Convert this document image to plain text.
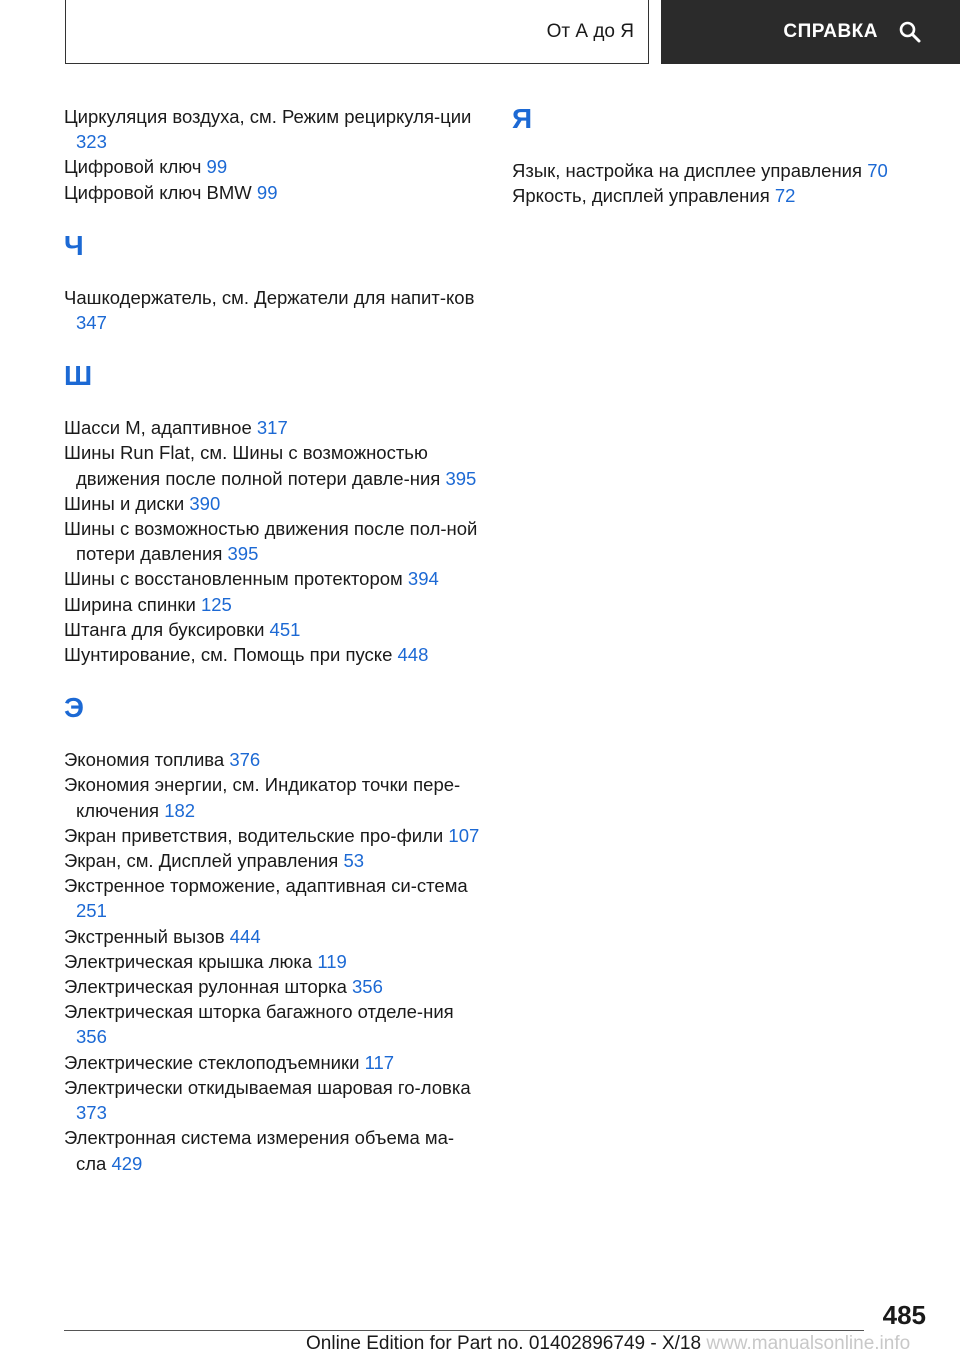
От А до Я	СПРАВКА
Циркуляция воздуха, см. Режим рециркуля-ции 323
Цифровой ключ 99
Цифровой ключ BMW 99
Ч
Чашкодержатель, см. Держатели для напит-ков 347
Ш
Шасси M, адаптивное 317
Шины Run Flat, см. Шины с возможностью движения после полной потери давле-ния 395
Шины и диски 390
Шины с возможностью движения после пол-ной потери давления 395
Шины с восстановленным протектором 394
Ширина спинки 125
Штанга для буксировки 451
Шунтирование, см. Помощь при пуске 448
Э
Экономия топлива 376
Экономия энергии, см. Индикатор точки пере-ключения 182
Экран приветствия, водительские про-фили 107
Экран, см. Дисплей управления 53
Экстренное торможение, адаптивная си-стема 251
Экстренный вызов 444
Электрическая крышка люка 119
Электрическая рулонная шторка 356
Электрическая шторка багажного отделе-ния 356
Электрические стеклоподъемники 117
Электрически откидываемая шаровая го-ловка 373
Электронная система измерения объема ма-сла 429
Я
Язык, настройка на дисплее управления 70
Яркость, дисплей управления 72
485
Online Edition for Part no. 01402896749 - X/18 www.manualsonline.info
